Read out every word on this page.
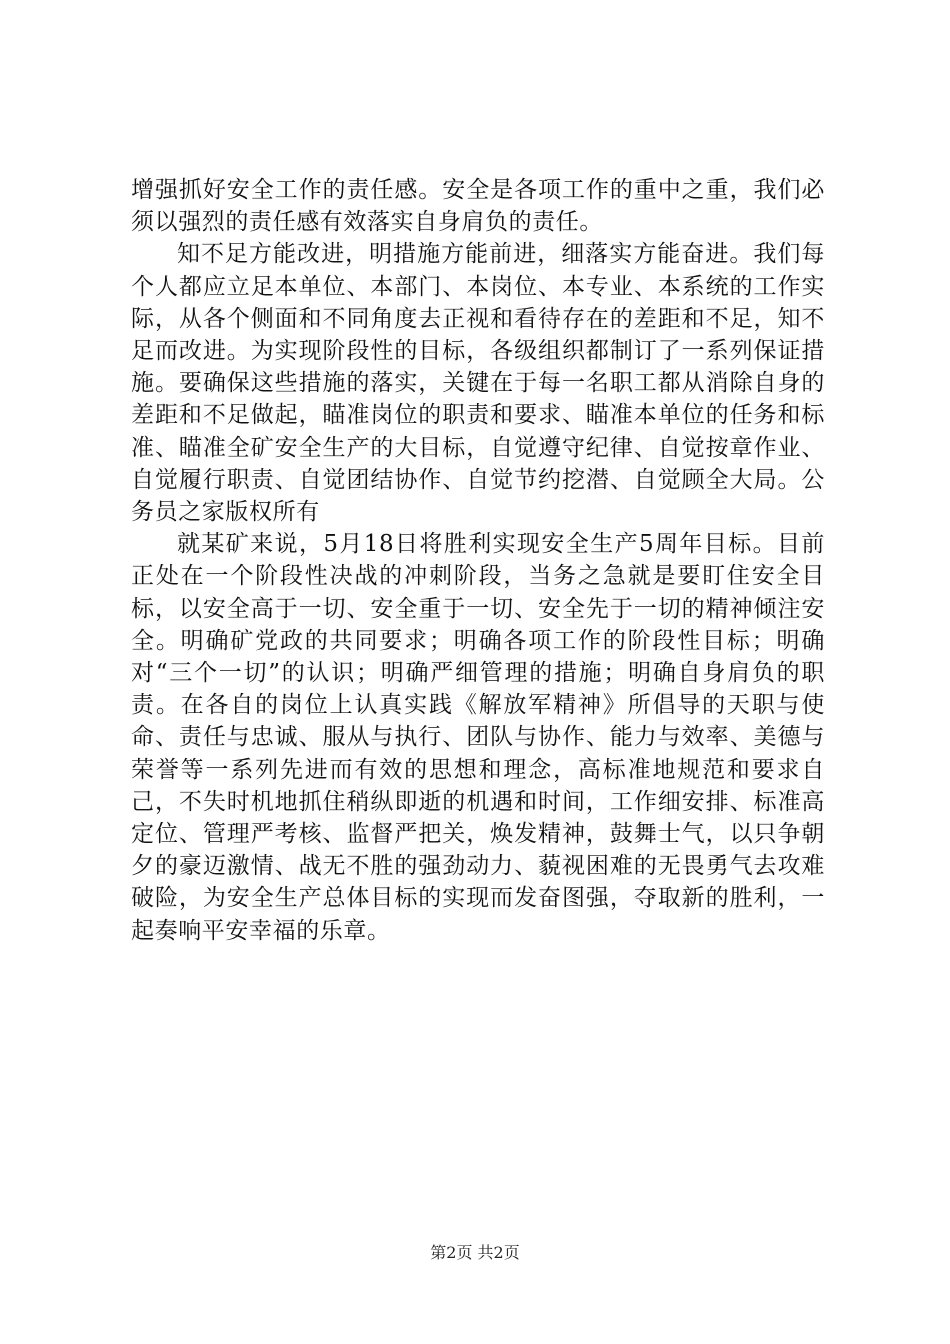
增强抓好安全工作的责任感。安全是各项工作的重中之重，我们必须以强烈的责任感有效落实自身肩负的责任。

知不足方能改进，明措施方能前进，细落实方能奋进。我们每个人都应立足本单位、本部门、本岗位、本专业、本系统的工作实际，从各个侧面和不同角度去正视和看待存在的差距和不足，知不足而改进。为实现阶段性的目标，各级组织都制订了一系列保证措施。要确保这些措施的落实，关键在于每一名职工都从消除自身的差距和不足做起，瞄准岗位的职责和要求、瞄准本单位的任务和标准、瞄准全矿安全生产的大目标，自觉遵守纪律、自觉按章作业、自觉履行职责、自觉团结协作、自觉节约挖潜、自觉顾全大局。公务员之家版权所有

就某矿来说，5月18日将胜利实现安全生产5周年目标。目前正处在一个阶段性决战的冲刺阶段，当务之急就是要盯住安全目标，以安全高于一切、安全重于一切、安全先于一切的精神倾注安全。明确矿党政的共同要求；明确各项工作的阶段性目标；明确对“三个一切”的认识；明确严细管理的措施；明确自身肩负的职责。在各自的岗位上认真实践《解放军精神》所倡导的天职与使命、责任与忠诚、服从与执行、团队与协作、能力与效率、美德与荣誉等一系列先进而有效的思想和理念，高标准地规范和要求自己，不失时机地抓住稍纵即逝的机遇和时间，工作细安排、标准高定位、管理严考核、监督严把关，焕发精神，鼓舞士气，以只争朝夕的豪迈激情、战无不胜的强劲动力、藐视困难的无畏勇气去攻难破险，为安全生产总体目标的实现而发奋图强，夺取新的胜利，一起奏响平安幸福的乐章。

第2页 共2页
